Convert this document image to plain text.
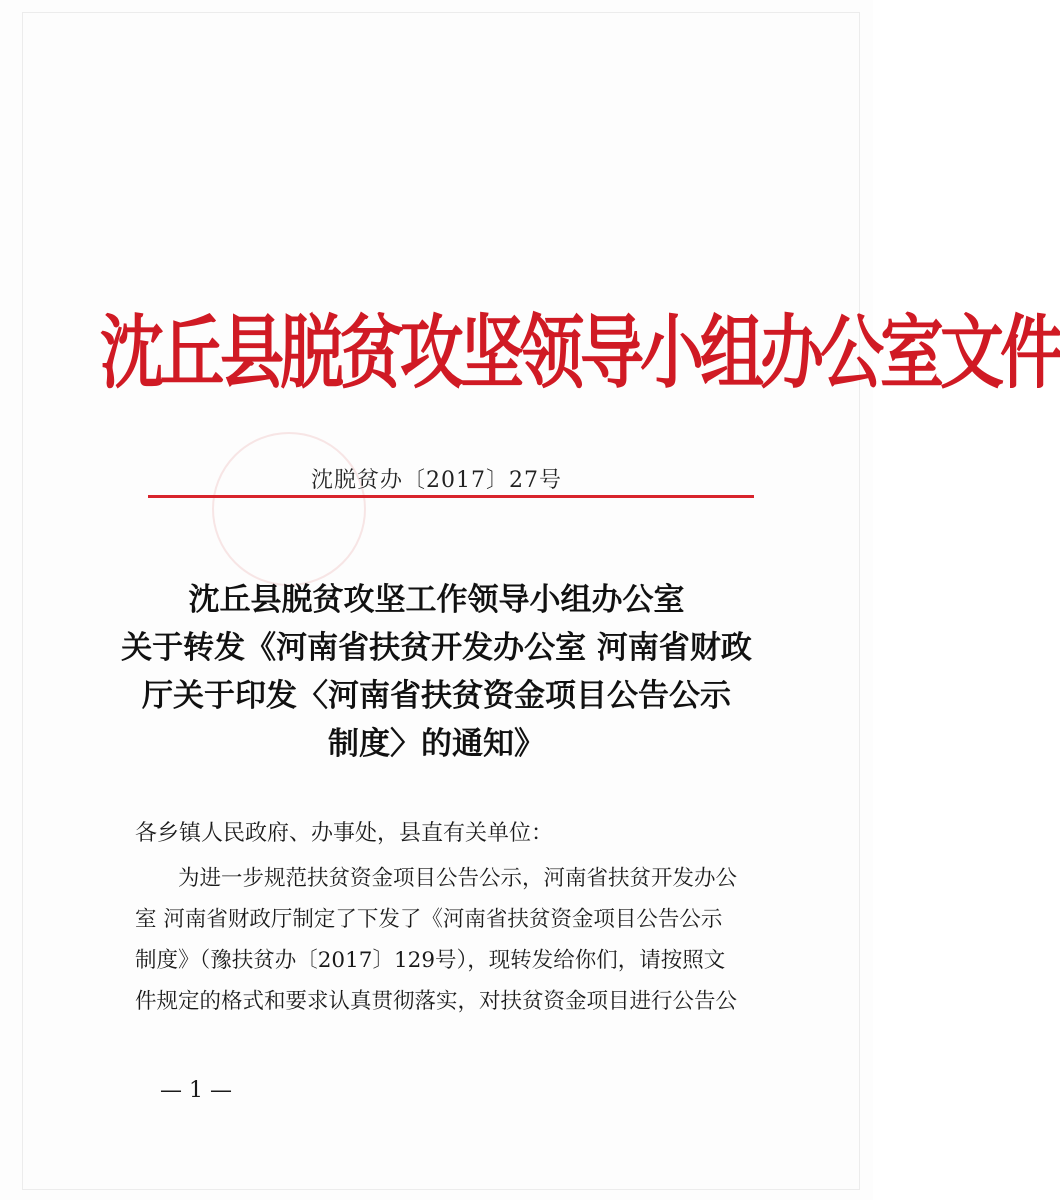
沈丘县脱贫攻坚领导小组办公室文件
沈脱贫办〔2017〕27号
沈丘县脱贫攻坚工作领导小组办公室
关于转发《河南省扶贫开发办公室 河南省财政
厅关于印发〈河南省扶贫资金项目公告公示
制度〉的通知》
各乡镇人民政府、办事处，县直有关单位：
为进一步规范扶贫资金项目公告公示，河南省扶贫开发办公
室 河南省财政厅制定了下发了《河南省扶贫资金项目公告公示
制度》（豫扶贫办〔2017〕129号），现转发给你们，请按照文
件规定的格式和要求认真贯彻落实，对扶贫资金项目进行公告公
— 1 —
